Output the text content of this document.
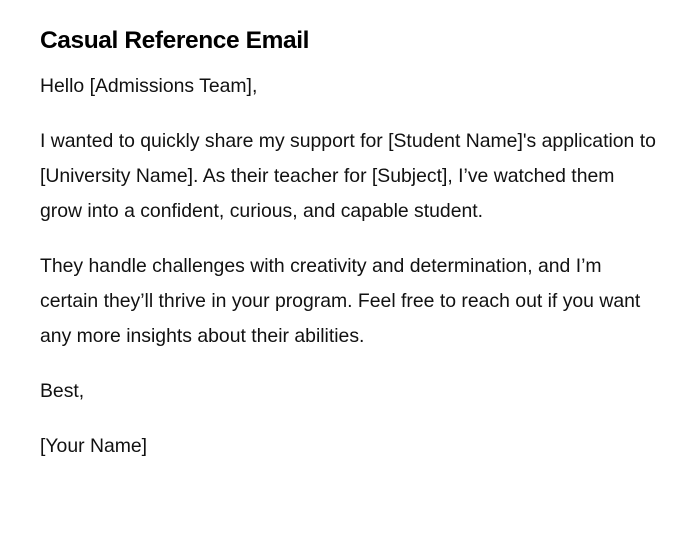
Casual Reference Email

Hello [Admissions Team],

I wanted to quickly share my support for [Student Name]'s application to [University Name]. As their teacher for [Subject], I’ve watched them grow into a confident, curious, and capable student.

They handle challenges with creativity and determination, and I’m certain they’ll thrive in your program. Feel free to reach out if you want any more insights about their abilities.

Best,

[Your Name]
